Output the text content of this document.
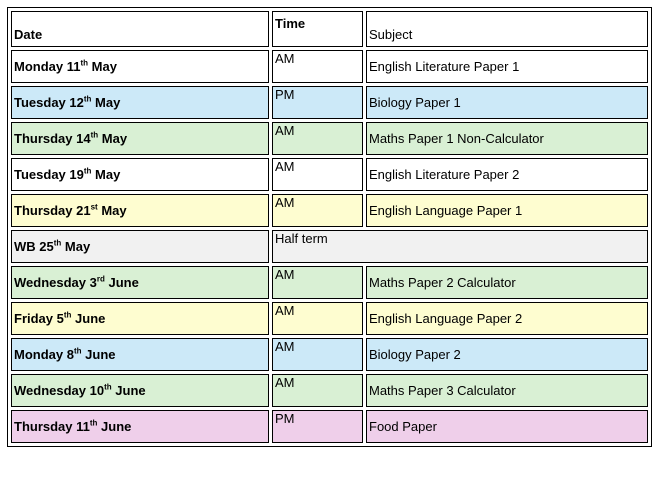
Date	Time	Subject
Monday 11th May	AM	English Literature Paper 1
Tuesday 12th May	PM	Biology Paper 1
Thursday 14th May	AM	Maths Paper 1 Non-Calculator
Tuesday 19th May	AM	English Literature Paper 2
Thursday 21st May	AM	English Language Paper 1
WB 25th May	Half term	
Wednesday 3rd June	AM	Maths Paper 2 Calculator
Friday 5th June	AM	English Language Paper 2
Monday 8th June	AM	Biology Paper 2
Wednesday 10th June	AM	Maths Paper 3 Calculator
Thursday 11th June	PM	Food Paper
